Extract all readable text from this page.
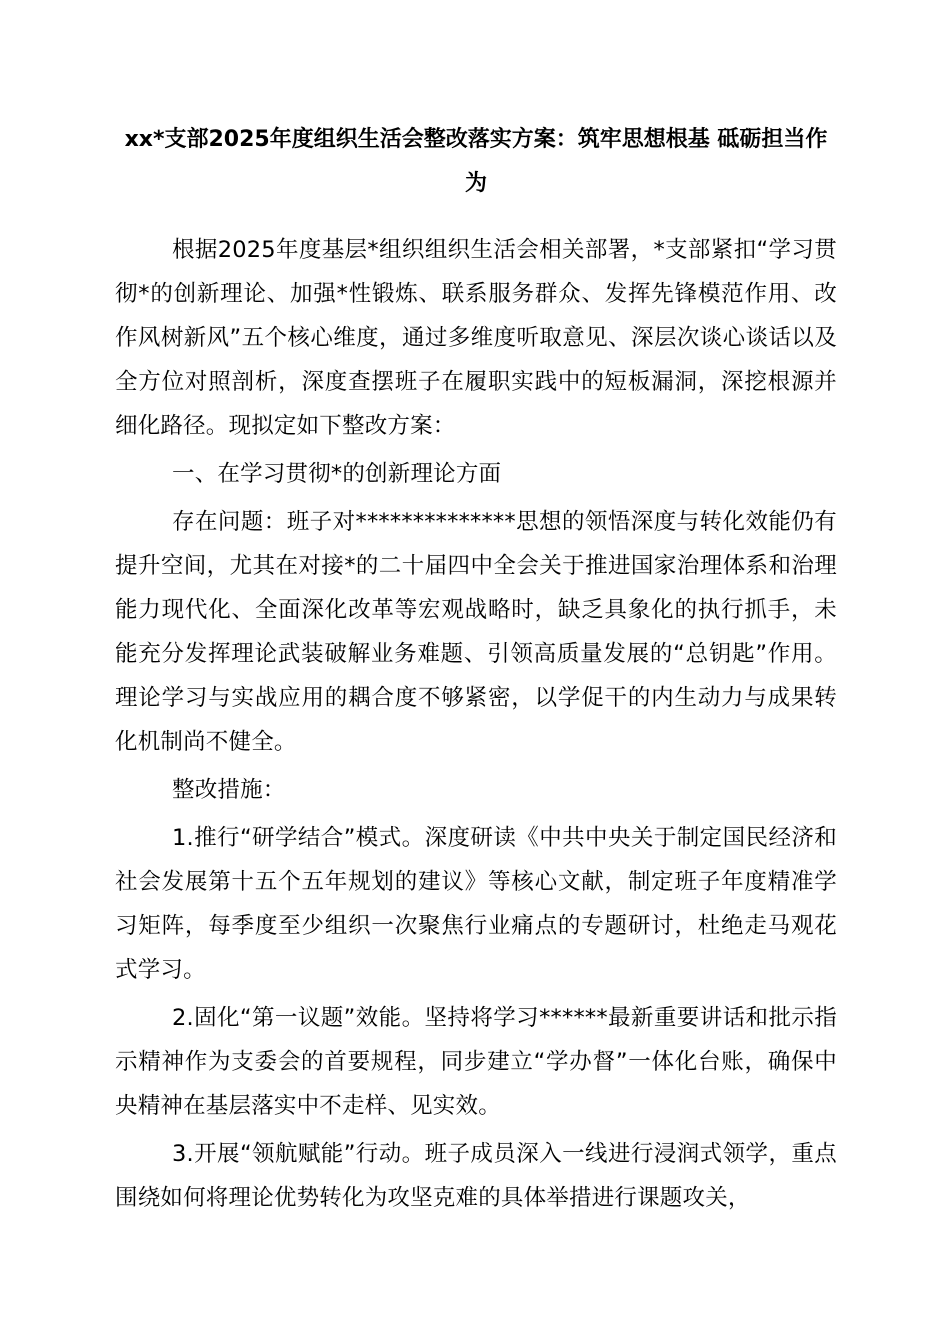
xx*支部2025年度组织生活会整改落实方案：筑牢思想根基 砥砺担当作为

根据2025年度基层*组织组织生活会相关部署，*支部紧扣“学习贯彻*的创新理论、加强*性锻炼、联系服务群众、发挥先锋模范作用、改作风树新风”五个核心维度，通过多维度听取意见、深层次谈心谈话以及全方位对照剖析，深度查摆班子在履职实践中的短板漏洞，深挖根源并细化路径。现拟定如下整改方案：

一、在学习贯彻*的创新理论方面

存在问题：班子对**************思想的领悟深度与转化效能仍有提升空间，尤其在对接*的二十届四中全会关于推进国家治理体系和治理能力现代化、全面深化改革等宏观战略时，缺乏具象化的执行抓手，未能充分发挥理论武装破解业务难题、引领高质量发展的“总钥匙”作用。理论学习与实战应用的耦合度不够紧密，以学促干的内生动力与成果转化机制尚不健全。

整改措施：

1.推行“研学结合”模式。深度研读《中共中央关于制定国民经济和社会发展第十五个五年规划的建议》等核心文献，制定班子年度精准学习矩阵，每季度至少组织一次聚焦行业痛点的专题研讨，杜绝走马观花式学习。

2.固化“第一议题”效能。坚持将学习******最新重要讲话和批示指示精神作为支委会的首要规程，同步建立“学办督”一体化台账，确保中央精神在基层落实中不走样、见实效。

3.开展“领航赋能”行动。班子成员深入一线进行浸润式领学，重点围绕如何将理论优势转化为攻坚克难的具体举措进行课题攻关，
